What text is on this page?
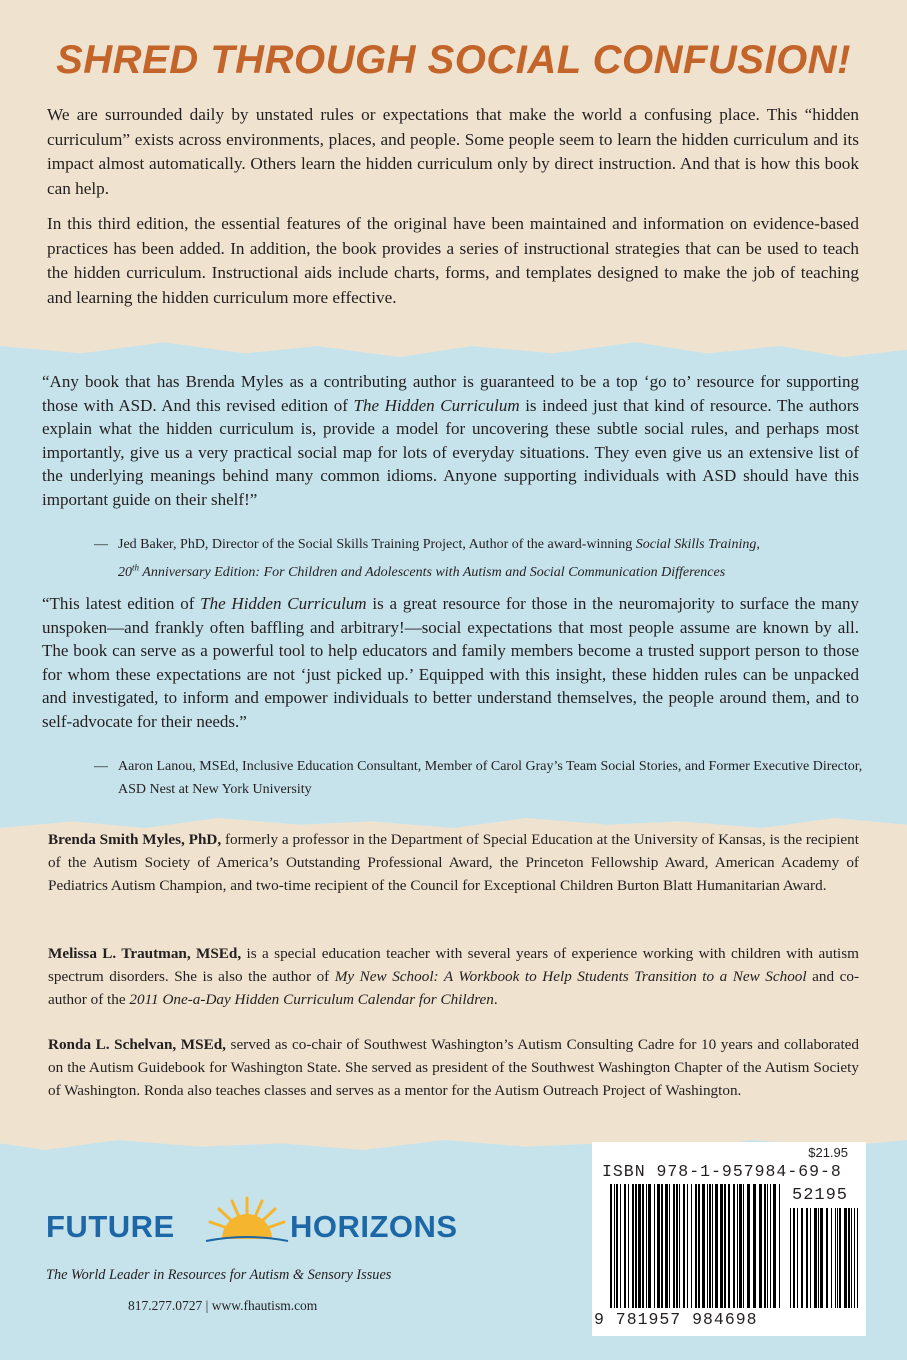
SHRED THROUGH SOCIAL CONFUSION!

We are surrounded daily by unstated rules or expectations that make the world a confusing place. This “hidden curriculum” exists across environments, places, and people. Some people seem to learn the hidden curriculum and its impact almost automatically. Others learn the hidden curriculum only by direct instruction. And that is how this book can help.

In this third edition, the essential features of the original have been maintained and information on evidence-based practices has been added. In addition, the book provides a series of instructional strategies that can be used to teach the hidden curriculum. Instructional aids include charts, forms, and templates designed to make the job of teaching and learning the hidden curriculum more effective.

“Any book that has Brenda Myles as a contributing author is guaranteed to be a top ‘go to’ resource for supporting those with ASD. And this revised edition of The Hidden Curriculum is indeed just that kind of resource. The authors explain what the hidden curriculum is, provide a model for uncovering these subtle social rules, and perhaps most importantly, give us a very practical social map for lots of everyday situations. They even give us an extensive list of the underlying meanings behind many common idioms. Anyone supporting individuals with ASD should have this important guide on their shelf!”

— Jed Baker, PhD, Director of the Social Skills Training Project, Author of the award-winning Social Skills Training,
20th Anniversary Edition: For Children and Adolescents with Autism and Social Communication Differences

“This latest edition of The Hidden Curriculum is a great resource for those in the neuromajority to surface the many unspoken—and frankly often baffling and arbitrary!—social expectations that most people assume are known by all. The book can serve as a powerful tool to help educators and family members become a trusted support person to those for whom these expectations are not ‘just picked up.’ Equipped with this insight, these hidden rules can be unpacked and investigated, to inform and empower individuals to better understand themselves, the people around them, and to self-advocate for their needs.”

— Aaron Lanou, MSEd, Inclusive Education Consultant, Member of Carol Gray’s Team Social Stories, and Former Executive Director, ASD Nest at New York University

Brenda Smith Myles, PhD, formerly a professor in the Department of Special Education at the University of Kansas, is the recipient of the Autism Society of America’s Outstanding Professional Award, the Princeton Fellowship Award, American Academy of Pediatrics Autism Champion, and two-time recipient of the Council for Exceptional Children Burton Blatt Humanitarian Award.

Melissa L. Trautman, MSEd, is a special education teacher with several years of experience working with children with autism spectrum disorders. She is also the author of My New School: A Workbook to Help Students Transition to a New School and co-author of the 2011 One-a-Day Hidden Curriculum Calendar for Children.

Ronda L. Schelvan, MSEd, served as co-chair of Southwest Washington’s Autism Consulting Cadre for 10 years and collaborated on the Autism Guidebook for Washington State. She served as president of the Southwest Washington Chapter of the Autism Society of Washington. Ronda also teaches classes and serves as a mentor for the Autism Outreach Project of Washington.

FUTURE	HORIZONS

The World Leader in Resources for Autism & Sensory Issues

817.277.0727 | www.fhautism.com

$21.95
ISBN 978-1-957984-69-8
52195
9 781957 984698
